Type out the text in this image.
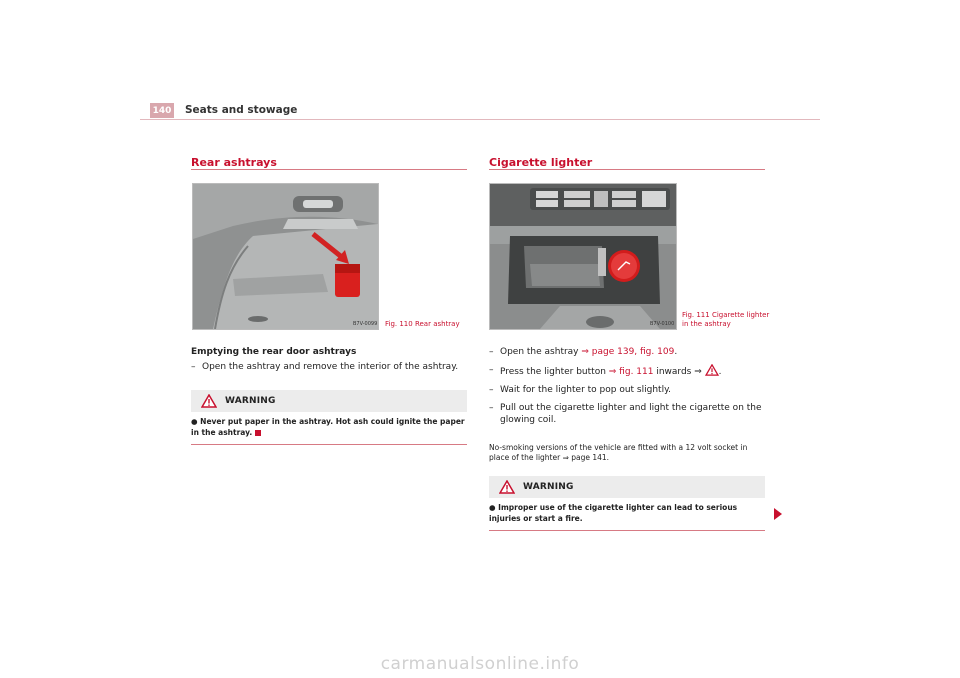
140 Seats and stowage
Rear ashtrays
B7V-0099 Fig. 110 Rear ashtray
Emptying the rear door ashtrays
– Open the ashtray and remove the interior of the ashtray.
WARNING
● Never put paper in the ashtray. Hot ash could ignite the paper in the ashtray.
Cigarette lighter
B7V-0100
Fig. 111 Cigarette lighter
in the ashtray
– Open the ashtray ⇒ page 139, fig. 109.
– Press the lighter button ⇒ fig. 111 inwards ⇒ .
– Wait for the lighter to pop out slightly.
– Pull out the cigarette lighter and light the cigarette on the glowing coil.
No-smoking versions of the vehicle are fitted with a 12 volt socket in place of the lighter ⇒ page 141.
WARNING
● Improper use of the cigarette lighter can lead to serious injuries or start a fire.
carmanualsonline.info
